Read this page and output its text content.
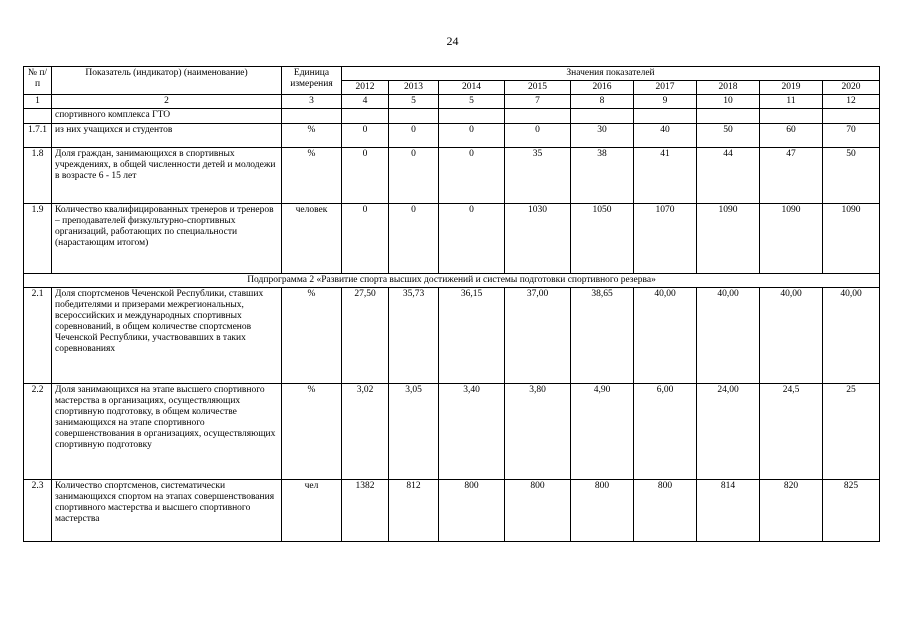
24
№ п/п	Показатель (индикатор) (наименование)	Единица измерения	Значения показателей								
			2012	2013	2014	2015	2016	2017	2018	2019	2020
1	2	3	4	5	5	7	8	9	10	11	12
	спортивного комплекса ГТО										
1.7.1	из них учащихся и студентов	%	0	0	0	0	30	40	50	60	70
1.8	Доля граждан, занимающихся в спортивных учреждениях, в общей численности детей и молодежи в возрасте 6 - 15 лет	%	0	0	0	35	38	41	44	47	50
1.9	Количество квалифицированных тренеров и тренеров – преподавателей физкультурно-спортивных организаций, работающих по специальности (нарастающим итогом)	человек	0	0	0	1030	1050	1070	1090	1090	1090
Подпрограмма 2 «Развитие спорта высших достижений и системы подготовки спортивного резерва»											
2.1	Доля спортсменов Чеченской Республики, ставших победителями и призерами межрегиональных, всероссийских и международных спортивных соревнований, в общем количестве спортсменов Чеченской Республики, участвовавших в таких соревнованиях	%	27,50	35,73	36,15	37,00	38,65	40,00	40,00	40,00	40,00
2.2	Доля занимающихся на этапе высшего спортивного мастерства в организациях, осуществляющих спортивную подготовку, в общем количестве занимающихся на этапе спортивного совершенствования в организациях, осуществляющих спортивную подготовку	%	3,02	3,05	3,40	3,80	4,90	6,00	24,00	24,5	25
2.3	Количество спортсменов, систематически занимающихся спортом на этапах совершенствования спортивного мастерства и высшего спортивного мастерства	чел	1382	812	800	800	800	800	814	820	825
